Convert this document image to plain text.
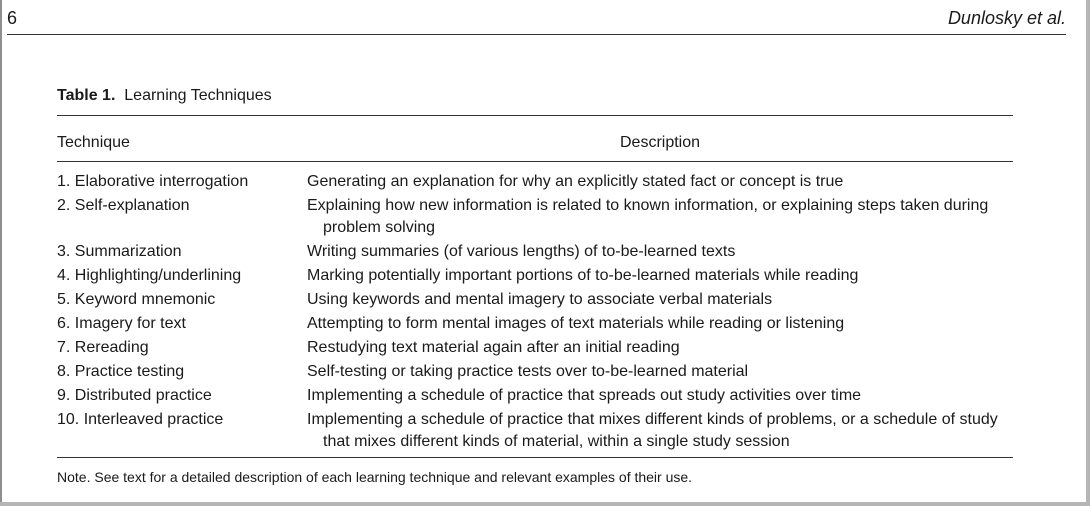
6	Dunlosky et al.
Table 1. Learning Techniques
Technique	Description
1. Elaborative interrogation	Generating an explanation for why an explicitly stated fact or concept is true
2. Self-explanation	Explaining how new information is related to known information, or explaining steps taken during problem solving
3. Summarization	Writing summaries (of various lengths) of to-be-learned texts
4. Highlighting/underlining	Marking potentially important portions of to-be-learned materials while reading
5. Keyword mnemonic	Using keywords and mental imagery to associate verbal materials
6. Imagery for text	Attempting to form mental images of text materials while reading or listening
7. Rereading	Restudying text material again after an initial reading
8. Practice testing	Self-testing or taking practice tests over to-be-learned material
9. Distributed practice	Implementing a schedule of practice that spreads out study activities over time
10. Interleaved practice	Implementing a schedule of practice that mixes different kinds of problems, or a schedule of study that mixes different kinds of material, within a single study session
Note. See text for a detailed description of each learning technique and relevant examples of their use.
